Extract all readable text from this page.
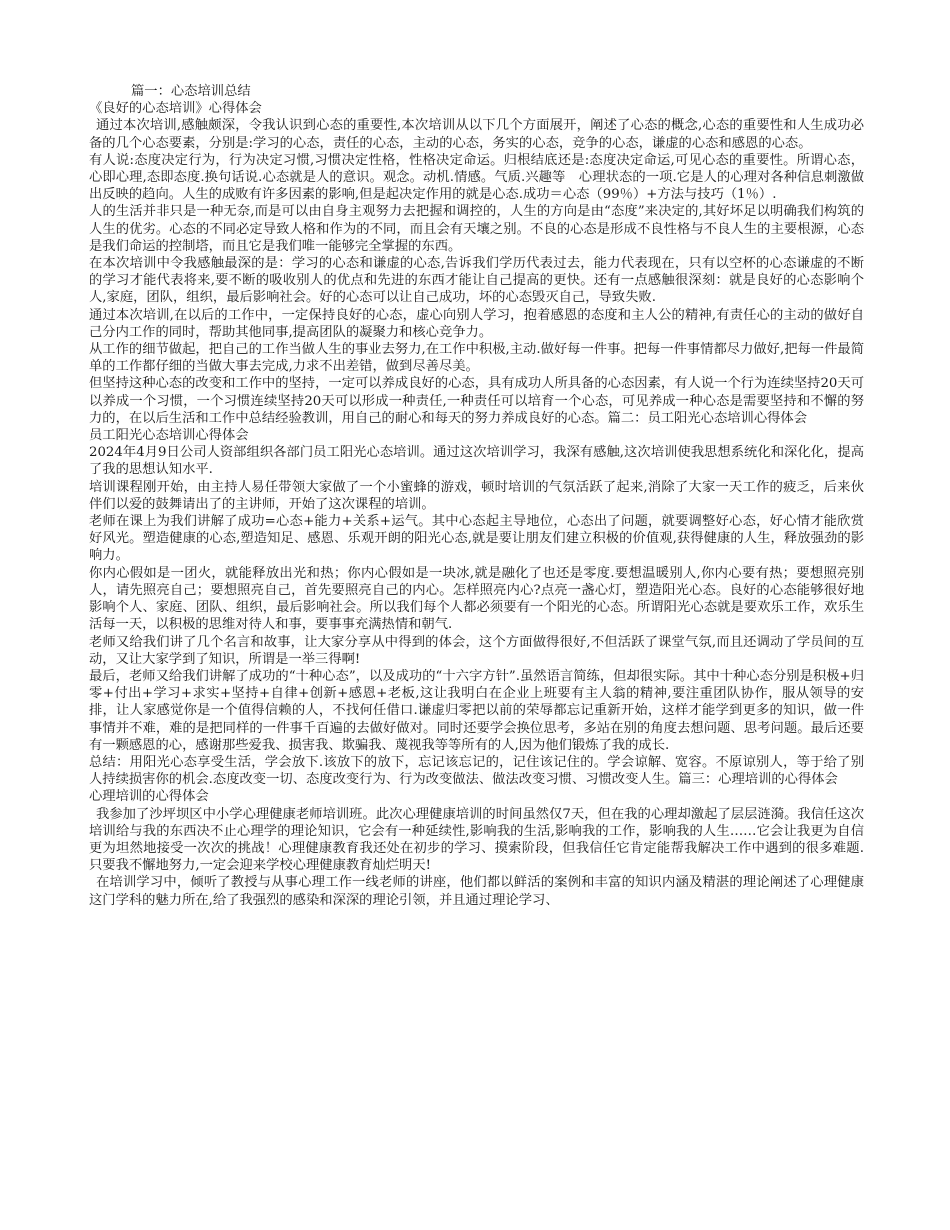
篇一：心态培训总结

《良好的心态培训》心得体会

通过本次培训,感触颇深，令我认识到心态的重要性,本次培训从以下几个方面展开，阐述了心态的概念,心态的重要性和人生成功必备的几个心态要素，分别是:学习的心态，责任的心态，主动的心态，务实的心态，竞争的心态，谦虚的心态和感恩的心态。

有人说:态度决定行为，行为决定习惯,习惯决定性格，性格决定命运。归根结底还是:态度决定命运,可见心态的重要性。所谓心态，心即心理,态即态度.换句话说.心态就是人的意识。观念。动机.情感。气质.兴趣等　心理状态的一项.它是人的心理对各种信息刺激做出反映的趋向。人生的成败有许多因素的影响,但是起决定作用的就是心态.成功＝心态（99％）+方法与技巧（1％）.

人的生活并非只是一种无奈,而是可以由自身主观努力去把握和调控的，人生的方向是由“态度”来决定的,其好坏足以明确我们构筑的人生的优劣。心态的不同必定导致人格和作为的不同，而且会有天壤之别。不良的心态是形成不良性格与不良人生的主要根源，心态是我们命运的控制塔，而且它是我们唯一能够完全掌握的东西。

在本次培训中令我感触最深的是：学习的心态和谦虚的心态,告诉我们学历代表过去，能力代表现在，只有以空杯的心态谦虚的不断的学习才能代表将来,要不断的吸收别人的优点和先进的东西才能让自己提高的更快。还有一点感触很深刻：就是良好的心态影响个人,家庭，团队，组织，最后影响社会。好的心态可以让自己成功，坏的心态毁灭自己，导致失败.

通过本次培训,在以后的工作中，一定保持良好的心态，虚心向别人学习，抱着感恩的态度和主人公的精神,有责任心的主动的做好自己分内工作的同时，帮助其他同事,提高团队的凝聚力和核心竞争力。

从工作的细节做起，把自己的工作当做人生的事业去努力,在工作中积极,主动.做好每一件事。把每一件事情都尽力做好,把每一件最简单的工作都仔细的当做大事去完成,力求不出差错，做到尽善尽美。

但坚持这种心态的改变和工作中的坚持，一定可以养成良好的心态，具有成功人所具备的心态因素，有人说一个行为连续坚持20天可以养成一个习惯，一个习惯连续坚持20天可以形成一种责任,一种责任可以培育一个心态，可见养成一种心态是需要坚持和不懈的努力的，在以后生活和工作中总结经验教训，用自己的耐心和每天的努力养成良好的心态。篇二：员工阳光心态培训心得体会

员工阳光心态培训心得体会

2024年4月9日公司人资部组织各部门员工阳光心态培训。通过这次培训学习，我深有感触,这次培训使我思想系统化和深化化，提高了我的思想认知水平.

培训课程刚开始，由主持人易任带领大家做了一个小蜜蜂的游戏，顿时培训的气氛活跃了起来,消除了大家一天工作的疲乏，后来伙伴们以爱的鼓舞请出了的主讲师，开始了这次课程的培训。

老师在课上为我们讲解了成功=心态+能力+关系+运气。其中心态起主导地位，心态出了问题，就要调整好心态，好心情才能欣赏好风光。塑造健康的心态,塑造知足、感恩、乐观开朗的阳光心态,就是要让朋友们建立积极的价值观,获得健康的人生，释放强劲的影响力。

你内心假如是一团火，就能释放出光和热；你内心假如是一块冰,就是融化了也还是零度.要想温暖别人,你内心要有热；要想照亮别人，请先照亮自己；要想照亮自己，首先要照亮自己的内心。怎样照亮内心?点亮一盏心灯，塑造阳光心态。良好的心态能够很好地影响个人、家庭、团队、组织，最后影响社会。所以我们每个人都必须要有一个阳光的心态。所谓阳光心态就是要欢乐工作，欢乐生活每一天，以积极的思维对待人和事，要事事充满热情和朝气.

老师又给我们讲了几个名言和故事，让大家分享从中得到的体会，这个方面做得很好,不但活跃了课堂气氛,而且还调动了学员间的互动，又让大家学到了知识，所谓是一举三得啊!

最后，老师又给我们讲解了成功的“十种心态”，以及成功的“十六字方针”.虽然语言简练，但却很实际。其中十种心态分别是积极+归零+付出+学习+求实+坚持+自律+创新+感恩+老板,这让我明白在企业上班要有主人翁的精神,要注重团队协作，服从领导的安排，让人家感觉你是一个值得信赖的人，不找何任借口.谦虚归零把以前的荣辱都忘记重新开始，这样才能学到更多的知识，做一件事情并不难，难的是把同样的一件事千百遍的去做好做对。同时还要学会换位思考，多站在别的角度去想问题、思考问题。最后还要有一颗感恩的心，感谢那些爱我、损害我、欺骗我、蔑视我等等所有的人,因为他们锻炼了我的成长.

总结：用阳光心态享受生活，学会放下.该放下的放下，忘记该忘记的，记住该记住的。学会谅解、宽容。不原谅别人，等于给了别人持续损害你的机会.态度改变一切、态度改变行为、行为改变做法、做法改变习惯、习惯改变人生。篇三：心理培训的心得体会

心理培训的心得体会

我参加了沙坪坝区中小学心理健康老师培训班。此次心理健康培训的时间虽然仅7天，但在我的心理却激起了层层涟漪。我信任这次培训给与我的东西决不止心理学的理论知识，它会有一种延续性,影响我的生活,影响我的工作，影响我的人生……它会让我更为自信更为坦然地接受一次次的挑战！心理健康教育我还处在初步的学习、摸索阶段，但我信任它肯定能帮我解决工作中遇到的很多难题.只要我不懈地努力,一定会迎来学校心理健康教育灿烂明天!

在培训学习中，倾听了教授与从事心理工作一线老师的讲座，他们都以鲜活的案例和丰富的知识内涵及精湛的理论阐述了心理健康这门学科的魅力所在,给了我强烈的感染和深深的理论引领，并且通过理论学习、
